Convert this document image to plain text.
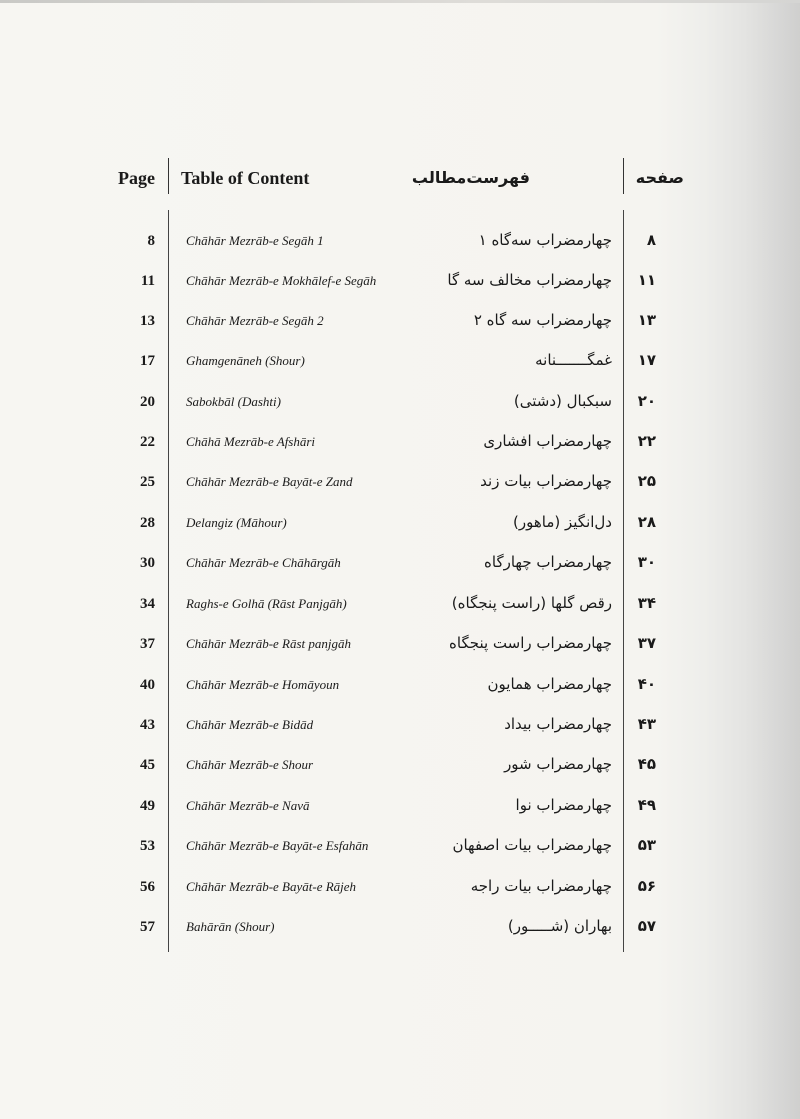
Page Table of Content	فهرست‌مطالب	صفحه
8 Chāhār Mezrāb-e Segāh 1	چهارمضراب سه‌گاه ۱	۸
11 Chāhār Mezrāb-e Mokhālef-e Segāh	چهارمضراب مخالف سه گا	۱۱
13 Chāhār Mezrāb-e Segāh 2	چهارمضراب سه گاه ۲	۱۳
17 Ghamgenāneh (Shour)	غمگـــــــنانه	۱۷
20 Sabokbāl (Dashti)	سبکبال (دشتی)	۲۰
22 Chāhā Mezrāb-e Afshāri	چهارمضراب افشاری	۲۲
25 Chāhār Mezrāb-e Bayāt-e Zand	چهارمضراب بیات زند	۲۵
28 Delangiz (Māhour)	دل‌انگیز (ماهور)	۲۸
30 Chāhār Mezrāb-e Chāhārgāh	چهارمضراب چهارگاه	۳۰
34 Raghs-e Golhā (Rāst Panjgāh)	رقص گلها (راست پنجگاه)	۳۴
37 Chāhār Mezrāb-e Rāst panjgāh	چهارمضراب راست پنجگاه	۳۷
40 Chāhār Mezrāb-e Homāyoun	چهارمضراب همایون	۴۰
43 Chāhār Mezrāb-e Bidād	چهارمضراب بیداد	۴۳
45 Chāhār Mezrāb-e Shour	چهارمضراب شور	۴۵
49 Chāhār Mezrāb-e Navā	چهارمضراب نوا	۴۹
53 Chāhār Mezrāb-e Bayāt-e Esfahān	چهارمضراب بیات اصفهان	۵۳
56 Chāhār Mezrāb-e Bayāt-e Rājeh	چهارمضراب بیات راجه	۵۶
57 Bahārān (Shour)	بهاران (شـــــور)	۵۷
